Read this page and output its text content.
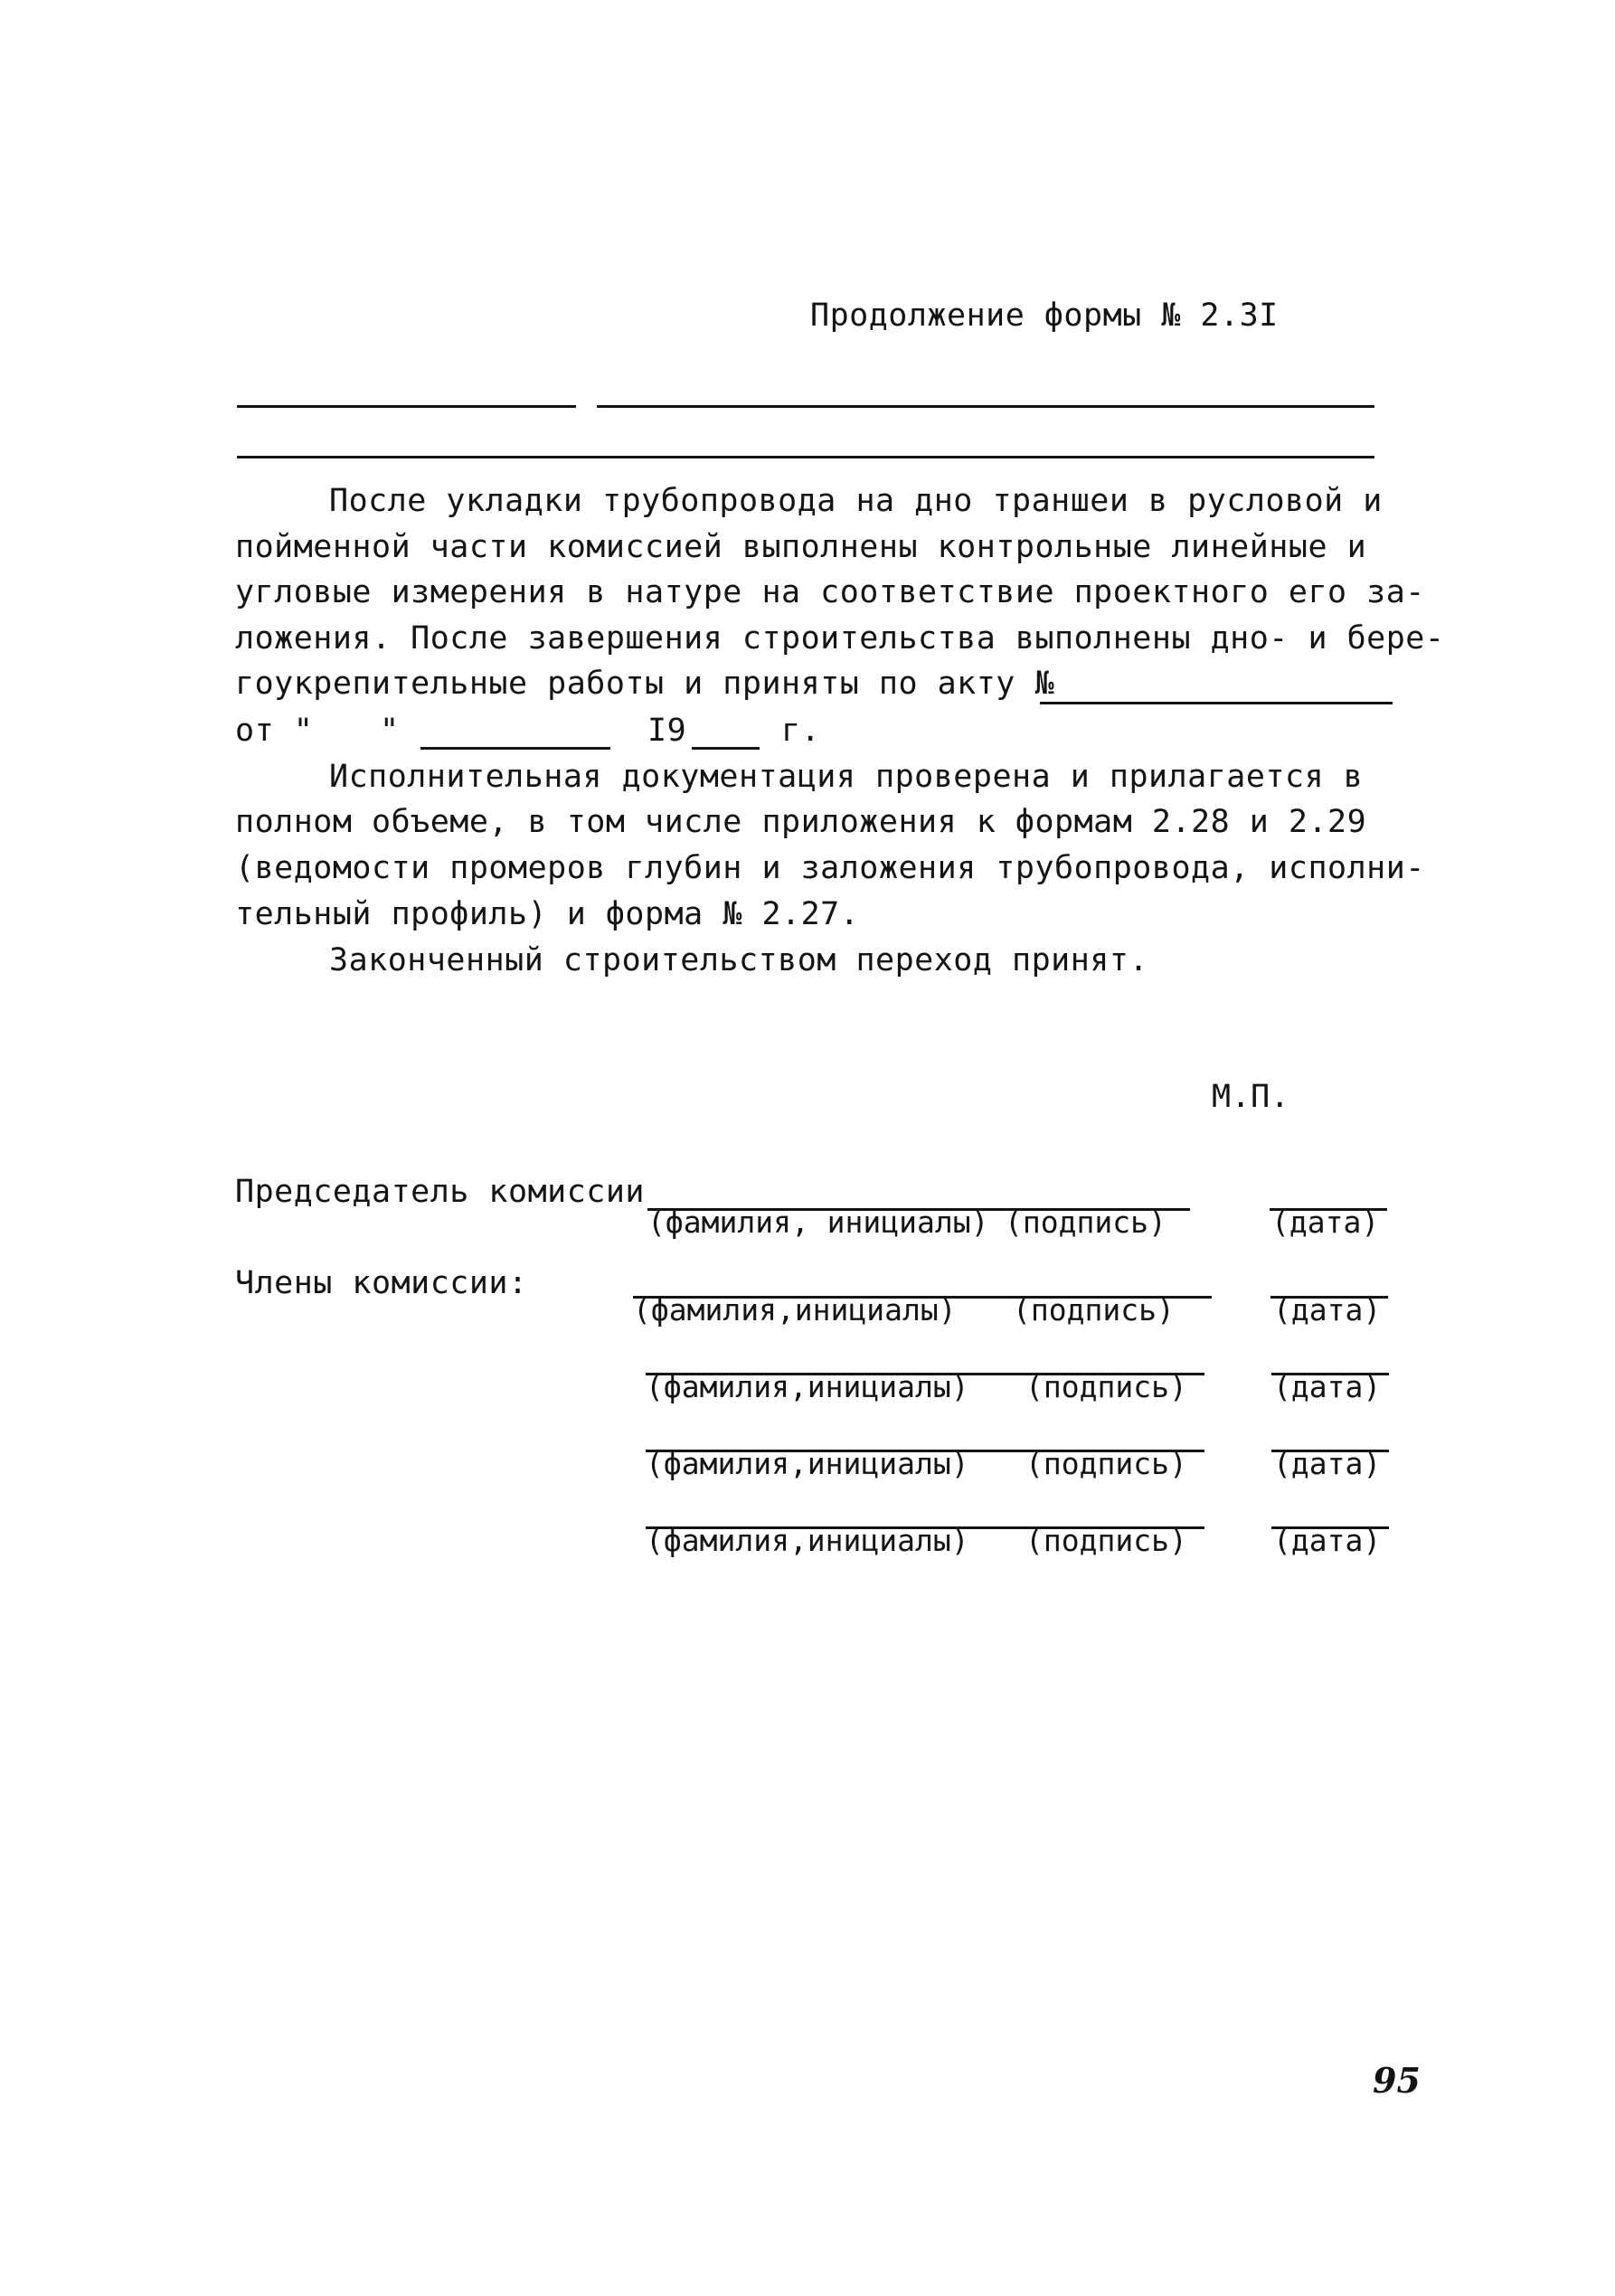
Продолжение формы № 2.3I
После укладки трубопровода на дно траншеи в русловой и
пойменной части комиссией выполнены контрольные линейные и
угловые измерения в натуре на соответствие проектного его за-
ложения. После завершения строительства выполнены дно- и бере-
гоукрепительные работы и приняты по акту №
от " "	I9	г.
Исполнительная документация проверена и прилагается в
полном объеме, в том числе приложения к формам 2.28 и 2.29
(ведомости промеров глубин и заложения трубопровода, исполни-
тельный профиль) и форма № 2.27.
Законченный строительством переход принят.
М.П.
Председатель комиссии
(фамилия, инициалы) (подпись)	(дата)
Члены комиссии:
(фамилия,инициалы) (подпись)	(дата)
(фамилия,инициалы) (подпись)	(дата)
(фамилия,инициалы) (подпись)	(дата)
(фамилия,инициалы) (подпись)	(дата)
95
